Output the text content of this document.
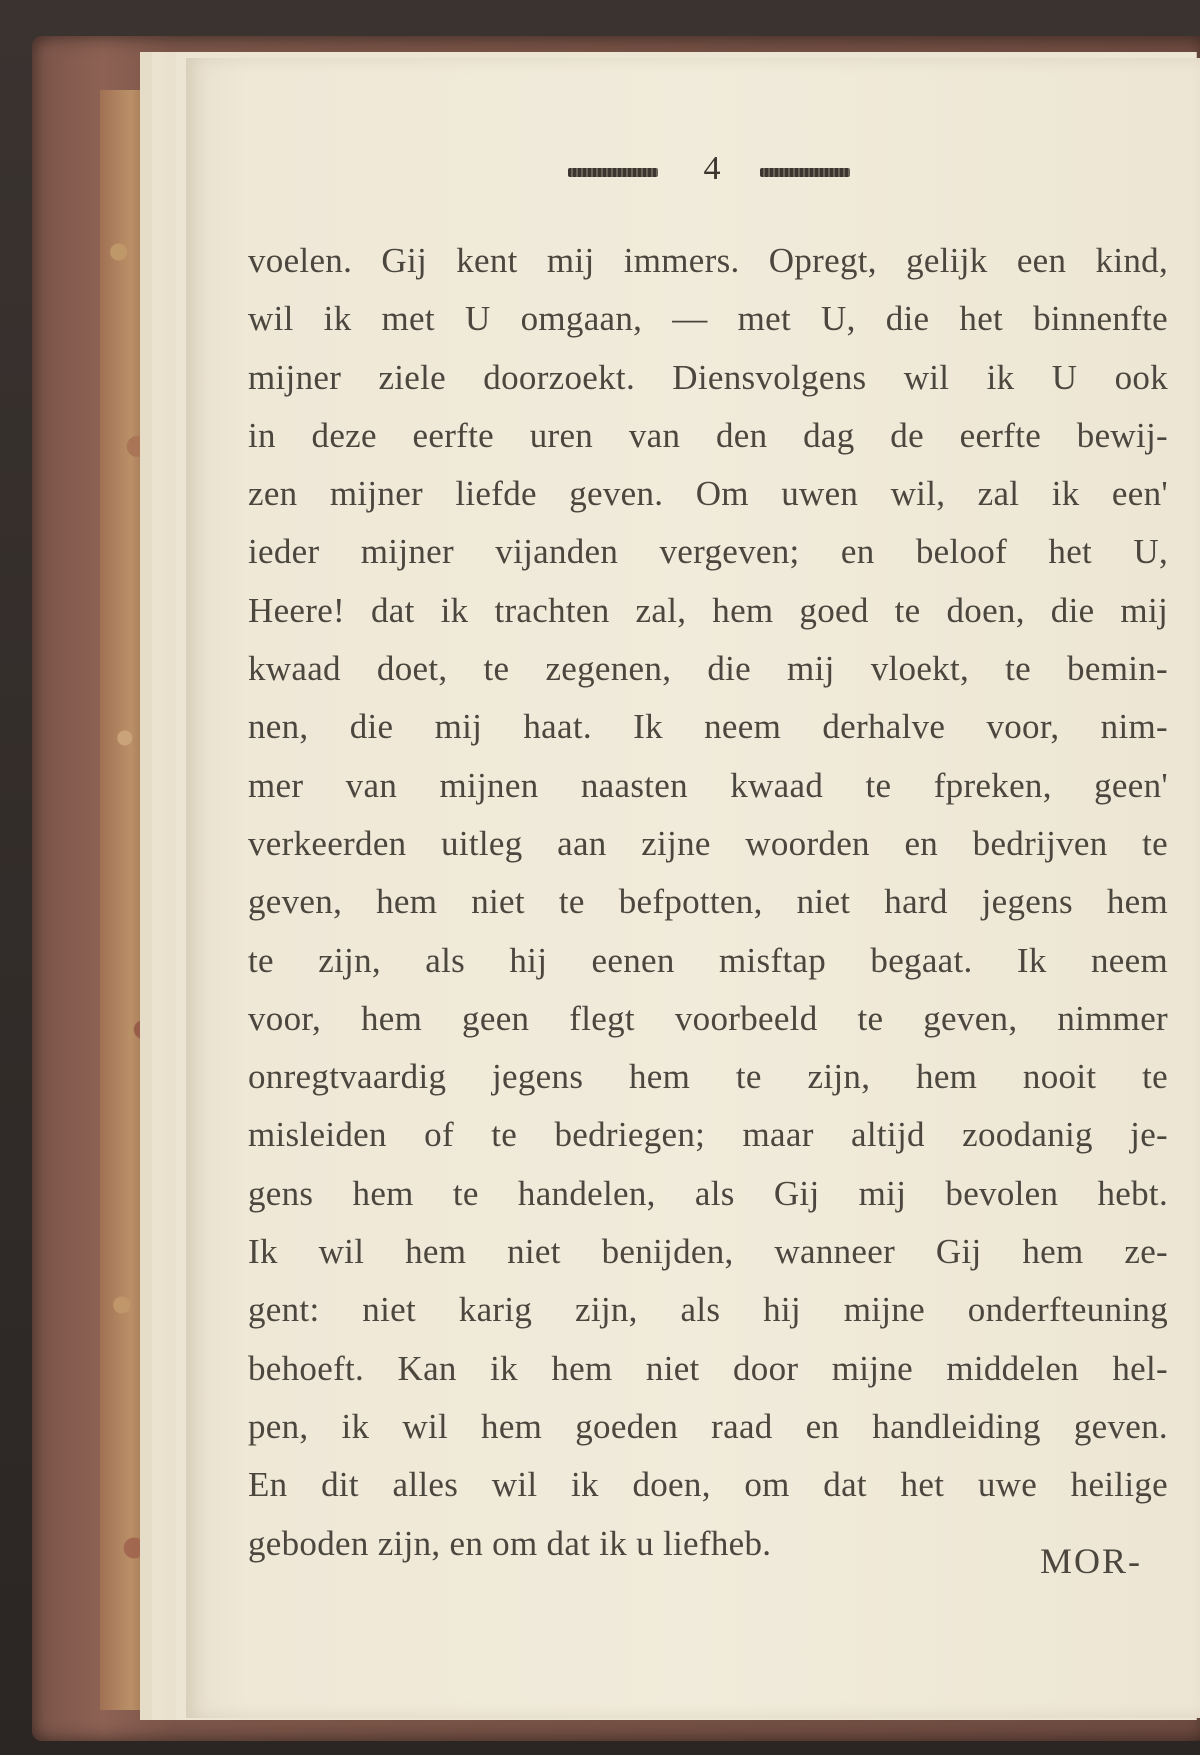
4
voelen. Gij kent mij immers. Opregt, gelijk een kind,
wil ik met U omgaan, — met U, die het binnenfte
mijner ziele doorzoekt. Diensvolgens wil ik U ook
in deze eerfte uren van den dag de eerfte bewij-
zen mijner liefde geven. Om uwen wil, zal ik een'
ieder mijner vijanden vergeven; en beloof het U,
Heere! dat ik trachten zal, hem goed te doen, die mij
kwaad doet, te zegenen, die mij vloekt, te bemin-
nen, die mij haat. Ik neem derhalve voor, nim-
mer van mijnen naasten kwaad te fpreken, geen'
verkeerden uitleg aan zijne woorden en bedrijven te
geven, hem niet te befpotten, niet hard jegens hem
te zijn, als hij eenen misftap begaat. Ik neem
voor, hem geen flegt voorbeeld te geven, nimmer
onregtvaardig jegens hem te zijn, hem nooit te
misleiden of te bedriegen; maar altijd zoodanig je-
gens hem te handelen, als Gij mij bevolen hebt.
Ik wil hem niet benijden, wanneer Gij hem ze-
gent: niet karig zijn, als hij mijne onderfteuning
behoeft. Kan ik hem niet door mijne middelen hel-
pen, ik wil hem goeden raad en handleiding geven.
En dit alles wil ik doen, om dat het uwe heilige
geboden zijn, en om dat ik u liefheb.	MOR-
